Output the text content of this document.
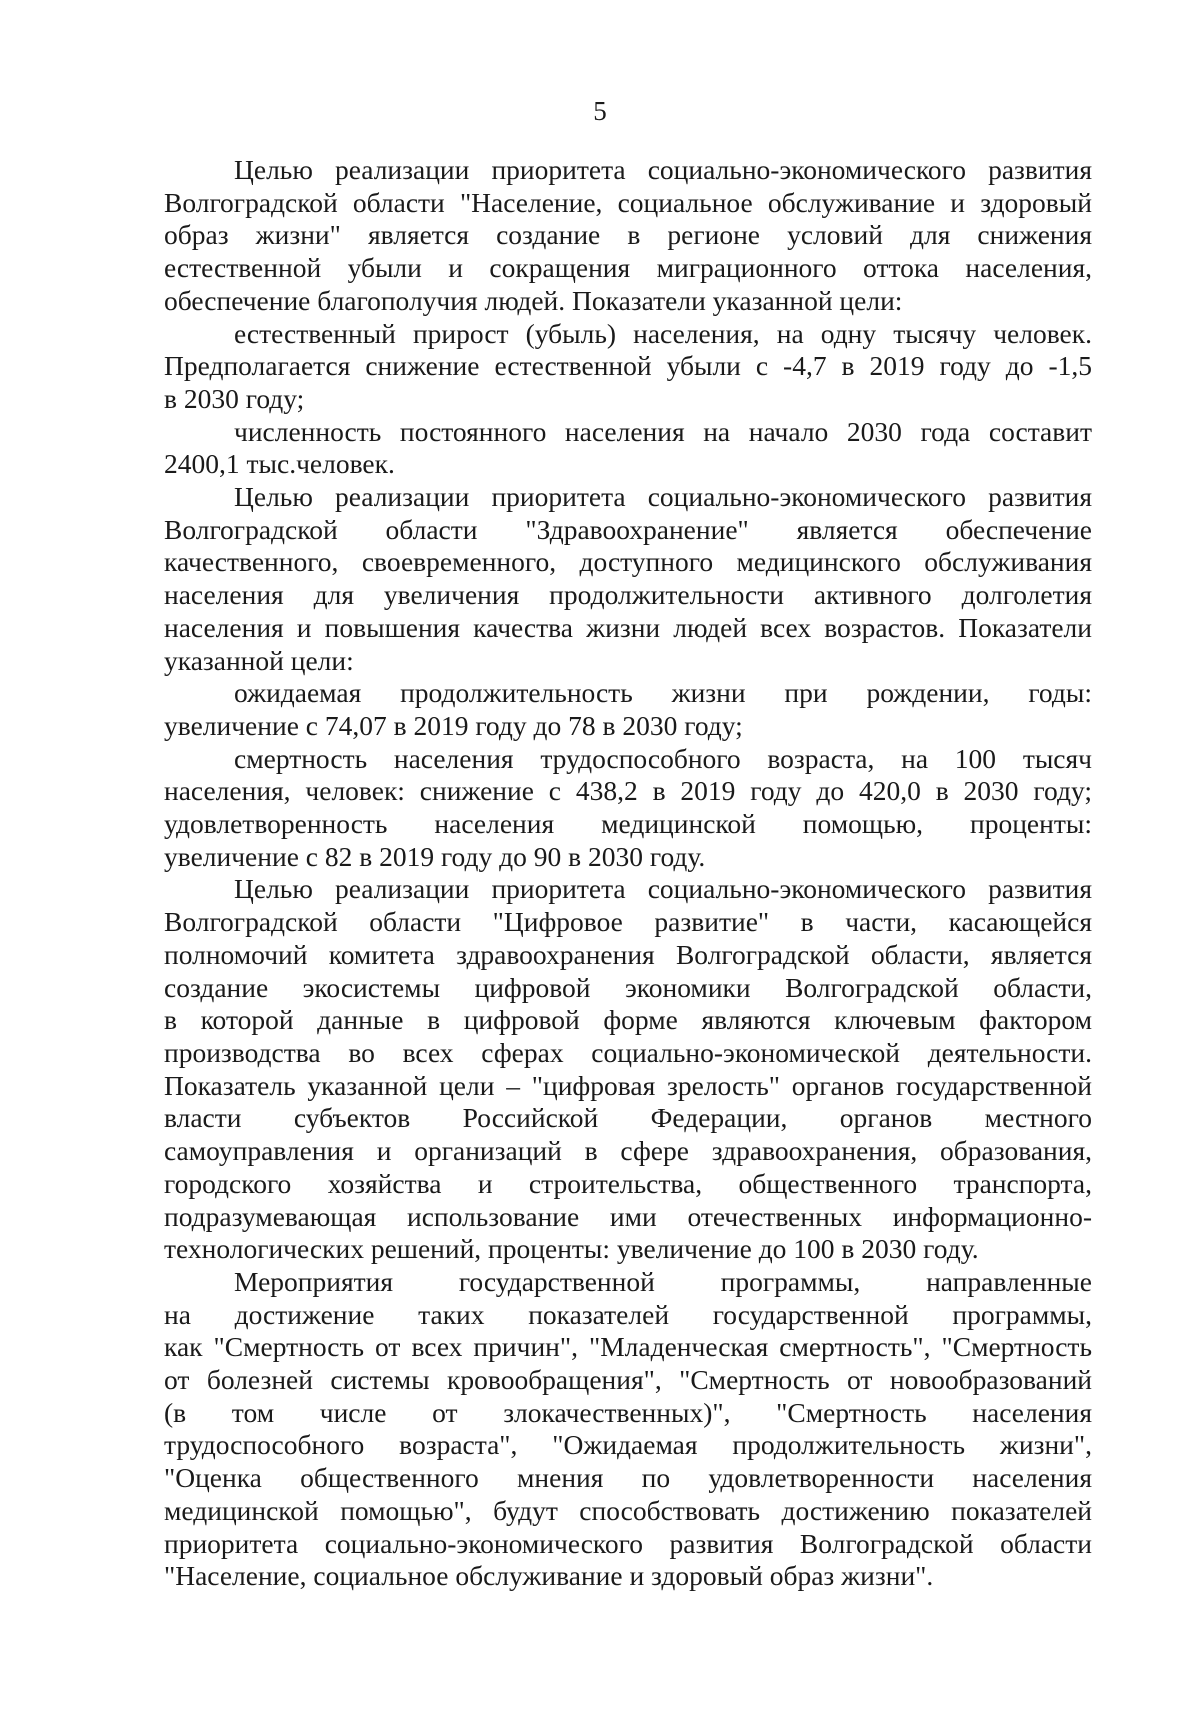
5
Целью реализации приоритета социально-экономического развития
Волгоградской области "Население, социальное обслуживание и здоровый
образ жизни" является создание в регионе условий для снижения
естественной убыли и сокращения миграционного оттока населения,
обеспечение благополучия людей. Показатели указанной цели:
естественный прирост (убыль) населения, на одну тысячу человек.
Предполагается снижение естественной убыли с -4,7 в 2019 году до -1,5
в 2030 году;
численность постоянного населения на начало 2030 года составит
2400,1 тыс.человек.
Целью реализации приоритета социально-экономического развития
Волгоградской области "Здравоохранение" является обеспечение
качественного, своевременного, доступного медицинского обслуживания
населения для увеличения продолжительности активного долголетия
населения и повышения качества жизни людей всех возрастов. Показатели
указанной цели:
ожидаемая продолжительность жизни при рождении, годы:
увеличение с 74,07 в 2019 году до 78 в 2030 году;
смертность населения трудоспособного возраста, на 100 тысяч
населения, человек: снижение с 438,2 в 2019 году до 420,0 в 2030 году;
удовлетворенность населения медицинской помощью, проценты:
увеличение с 82 в 2019 году до 90 в 2030 году.
Целью реализации приоритета социально-экономического развития
Волгоградской области "Цифровое развитие" в части, касающейся
полномочий комитета здравоохранения Волгоградской области, является
создание экосистемы цифровой экономики Волгоградской области,
в которой данные в цифровой форме являются ключевым фактором
производства во всех сферах социально-экономической деятельности.
Показатель указанной цели – "цифровая зрелость" органов государственной
власти субъектов Российской Федерации, органов местного
самоуправления и организаций в сфере здравоохранения, образования,
городского хозяйства и строительства, общественного транспорта,
подразумевающая использование ими отечественных информационно-
технологических решений, проценты: увеличение до 100 в 2030 году.
Мероприятия государственной программы, направленные
на достижение таких показателей государственной программы,
как "Смертность от всех причин", "Младенческая смертность", "Смертность
от болезней системы кровообращения", "Смертность от новообразований
(в том числе от злокачественных)", "Смертность населения
трудоспособного возраста", "Ожидаемая продолжительность жизни",
"Оценка общественного мнения по удовлетворенности населения
медицинской помощью", будут способствовать достижению показателей
приоритета социально-экономического развития Волгоградской области
"Население, социальное обслуживание и здоровый образ жизни".
